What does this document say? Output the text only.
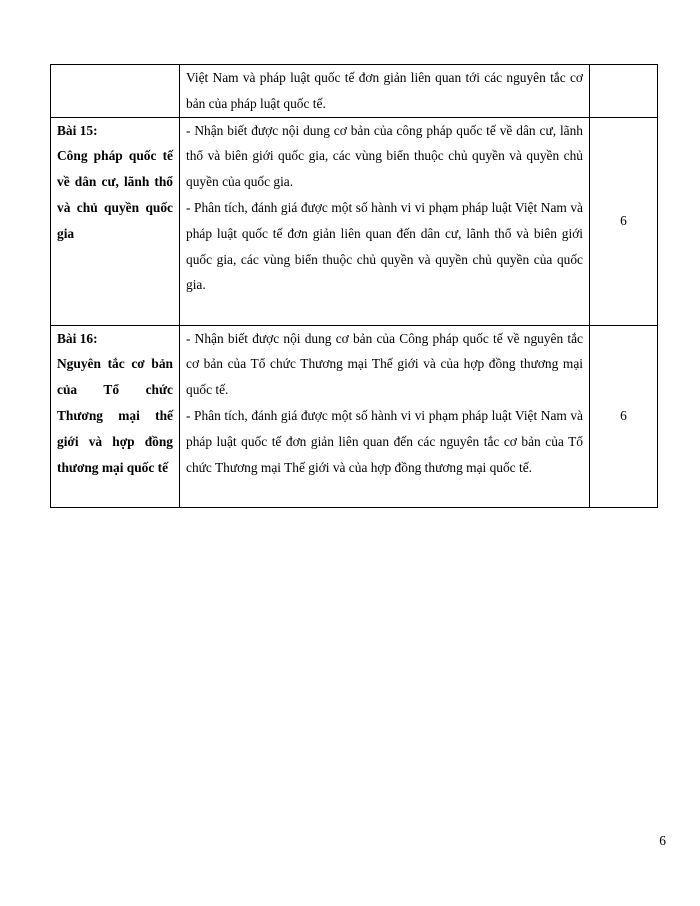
	Việt Nam và pháp luật quốc tế đơn giản liên quan tới các nguyên tắc cơ bản của pháp luật quốc tế.	

Bài 15:
Công pháp quốc tế về dân cư, lãnh thổ và chủ quyền quốc gia	- Nhận biết được nội dung cơ bản của công pháp quốc tế về dân cư, lãnh thổ và biên giới quốc gia, các vùng biển thuộc chủ quyền và quyền chủ quyền của quốc gia.
- Phân tích, đánh giá được một số hành vi vi phạm pháp luật Việt Nam và pháp luật quốc tế đơn giản liên quan đến dân cư, lãnh thổ và biên giới quốc gia, các vùng biển thuộc chủ quyền và quyền chủ quyền của quốc gia.	6

Bài 16:
Nguyên tắc cơ bản của Tổ chức Thương mại thế giới và hợp đồng thương mại quốc tế	- Nhận biết được nội dung cơ bản của Công pháp quốc tế về nguyên tắc cơ bản của Tổ chức Thương mại Thế giới và của hợp đồng thương mại quốc tế.
- Phân tích, đánh giá được một số hành vi vi phạm pháp luật Việt Nam và pháp luật quốc tế đơn giản liên quan đến các nguyên tắc cơ bản của Tổ chức Thương mại Thế giới và của hợp đồng thương mại quốc tế.	6
6
